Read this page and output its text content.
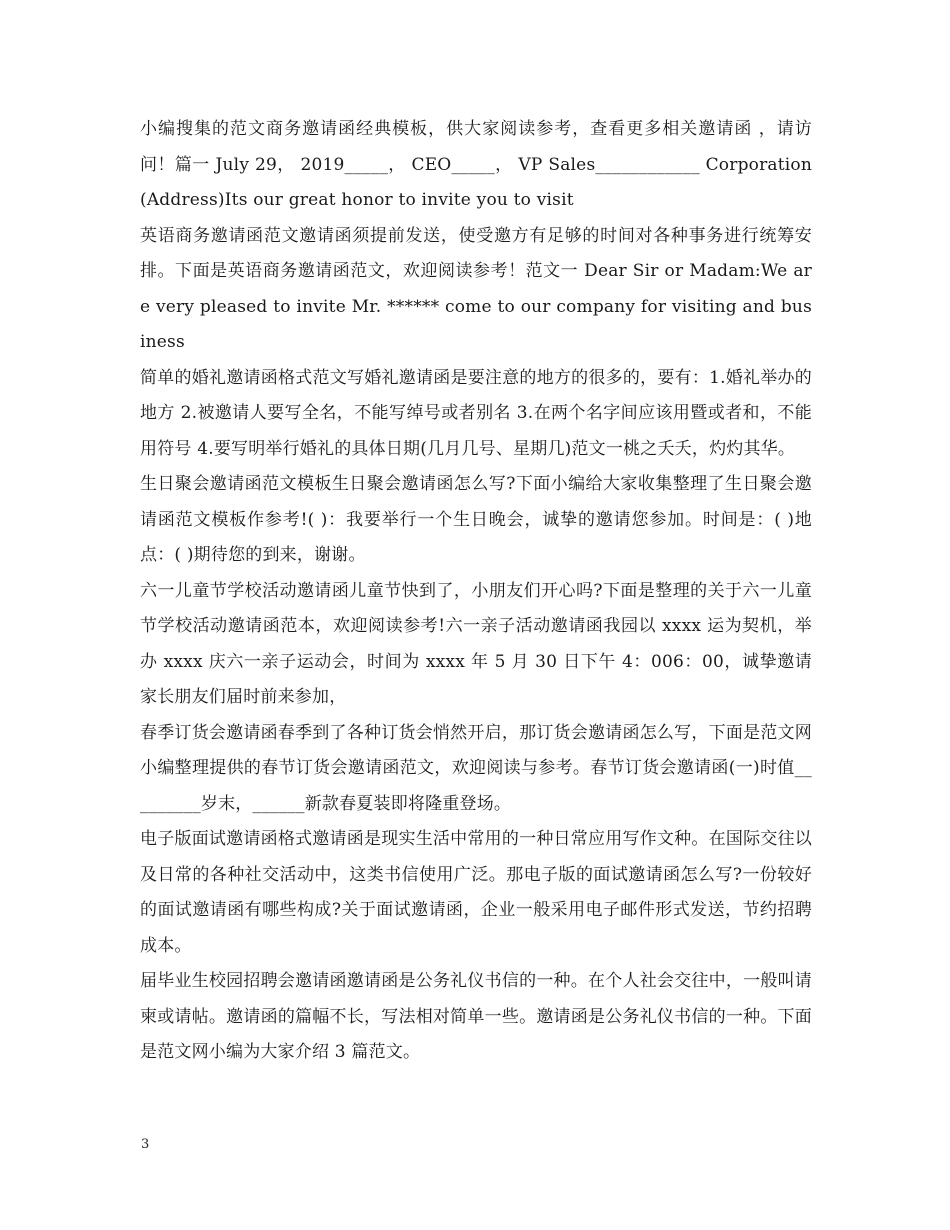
小编搜集的范文商务邀请函经典模板，供大家阅读参考，查看更多相关邀请函 ，请访问！篇一 July 29， 2019_____， CEO_____， VP Sales____________ Corporation(Address)Its our great honor to invite you to visit

英语商务邀请函范文邀请函须提前发送，使受邀方有足够的时间对各种事务进行统筹安排。下面是英语商务邀请函范文，欢迎阅读参考！范文一 Dear Sir or Madam:We are very pleased to invite Mr. ****** come to our company for visiting and business

简单的婚礼邀请函格式范文写婚礼邀请函是要注意的地方的很多的，要有：1.婚礼举办的地方 2.被邀请人要写全名，不能写绰号或者别名 3.在两个名字间应该用暨或者和，不能用符号 4.要写明举行婚礼的具体日期(几月几号、星期几)范文一桃之夭夭，灼灼其华。

生日聚会邀请函范文模板生日聚会邀请函怎么写?下面小编给大家收集整理了生日聚会邀请函范文模板作参考!( )：我要举行一个生日晚会，诚挚的邀请您参加。时间是：( )地点：( )期待您的到来，谢谢。

六一儿童节学校活动邀请函儿童节快到了，小朋友们开心吗?下面是整理的关于六一儿童节学校活动邀请函范本，欢迎阅读参考!六一亲子活动邀请函我园以 xxxx 运为契机，举办 xxxx 庆六一亲子运动会，时间为 xxxx 年 5 月 30 日下午 4：006：00，诚挚邀请家长朋友们届时前来参加，

春季订货会邀请函春季到了各种订货会悄然开启，那订货会邀请函怎么写，下面是范文网小编整理提供的春节订货会邀请函范文，欢迎阅读与参考。春节订货会邀请函(一)时值_________岁末，______新款春夏装即将隆重登场。

电子版面试邀请函格式邀请函是现实生活中常用的一种日常应用写作文种。在国际交往以及日常的各种社交活动中，这类书信使用广泛。那电子版的面试邀请函怎么写?一份较好的面试邀请函有哪些构成?关于面试邀请函，企业一般采用电子邮件形式发送，节约招聘成本。

届毕业生校园招聘会邀请函邀请函是公务礼仪书信的一种。在个人社会交往中，一般叫请柬或请帖。邀请函的篇幅不长，写法相对简单一些。邀请函是公务礼仪书信的一种。下面是范文网小编为大家介绍 3 篇范文。

3
